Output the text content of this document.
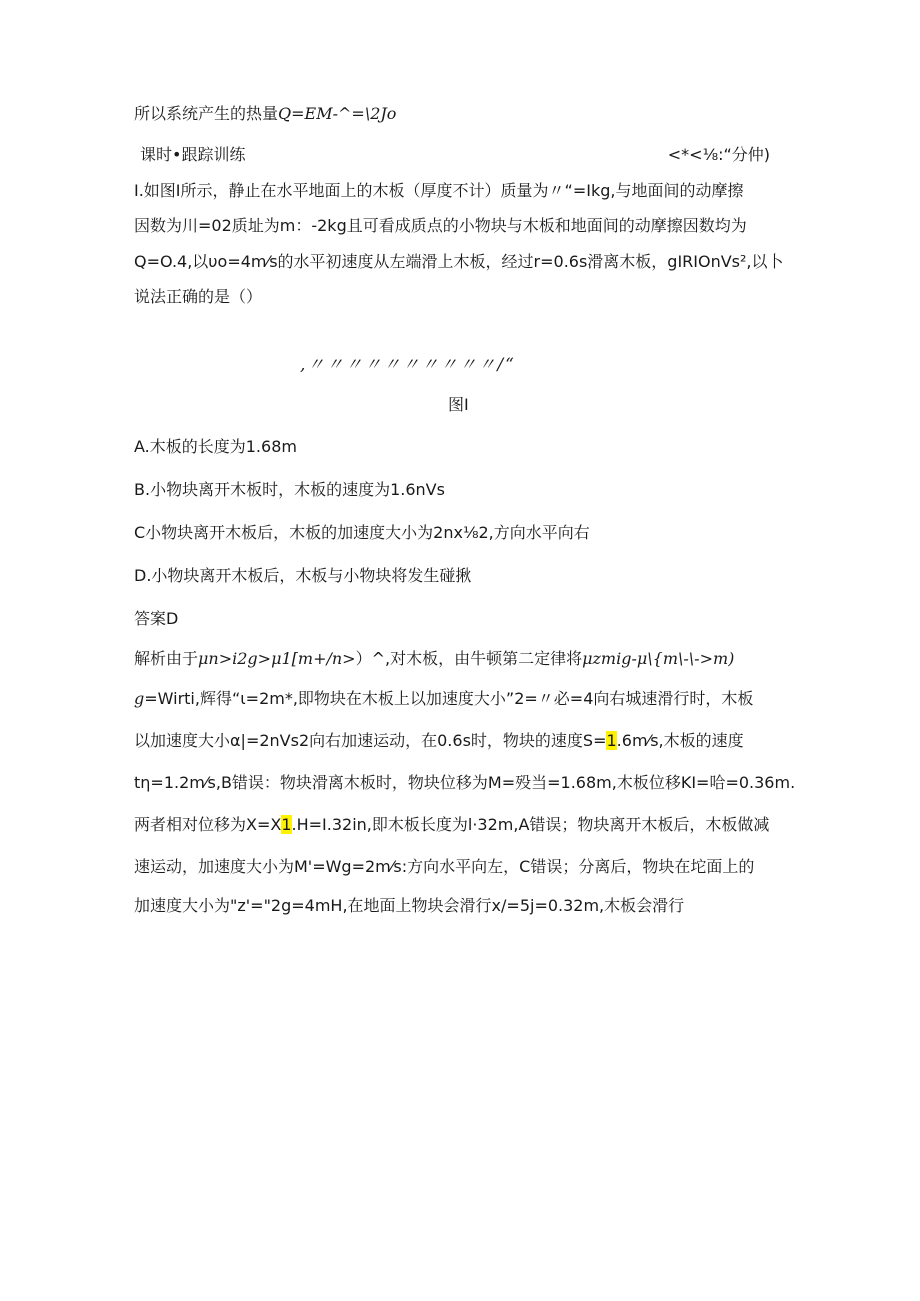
所以系统产生的热量Q=EM-^=\2Jo
课时•跟踪训练	<*<⅛:“分仲)
I.如图I所示，静止在水平地面上的木板（厚度不计）质量为〃“=Ikg,与地面间的动摩擦
因数为川=02质址为m：-2kg且可看成质点的小物块与木板和地面间的动摩擦因数均为
Q=O.4,以υo=4m⁄s的水平初速度从左端滑上木板，经过r=0.6s滑离木板，gIRIOnVs²,以卜
说法正确的是（）
,〃〃〃〃〃〃〃〃〃〃/“
图I
A.木板的长度为1.68m
B.小物块离开木板时，木板的速度为1.6nVs
C小物块离开木板后，木板的加速度大小为2nx⅛2,方向水平向右
D.小物块离开木板后，木板与小物块将发生碰揪
答案D
解析由于μn>i2g>μ1[m+∕n>）^,对木板，由牛顿第二定律将μzmig-μ\{m\-\->m)
g=Wirti,辉得“ι=2m*,即物块在木板上以加速度大小”2=〃必=4向右城速滑行时，木板
以加速度大小α|=2nVs2向右加速运动，在0.6s时，物块的速度S=1.6m⁄s,木板的速度
tη=1.2m⁄s,B错误：物块滑离木板时，物块位移为M=殁当=1.68m,木板位移KI=哈=0.36m.
两者相对位移为X=X1.H=I.32in,即木板长度为l·32m,A错误；物块离开木板后，木板做减
速运动，加速度大小为M'=Wg=2m⁄s:方向水平向左，C错误；分离后，物块在坨面上的
加速度大小为"z'="2g=4mH,在地面上物块会滑行x/=5j=0.32m,木板会滑行
